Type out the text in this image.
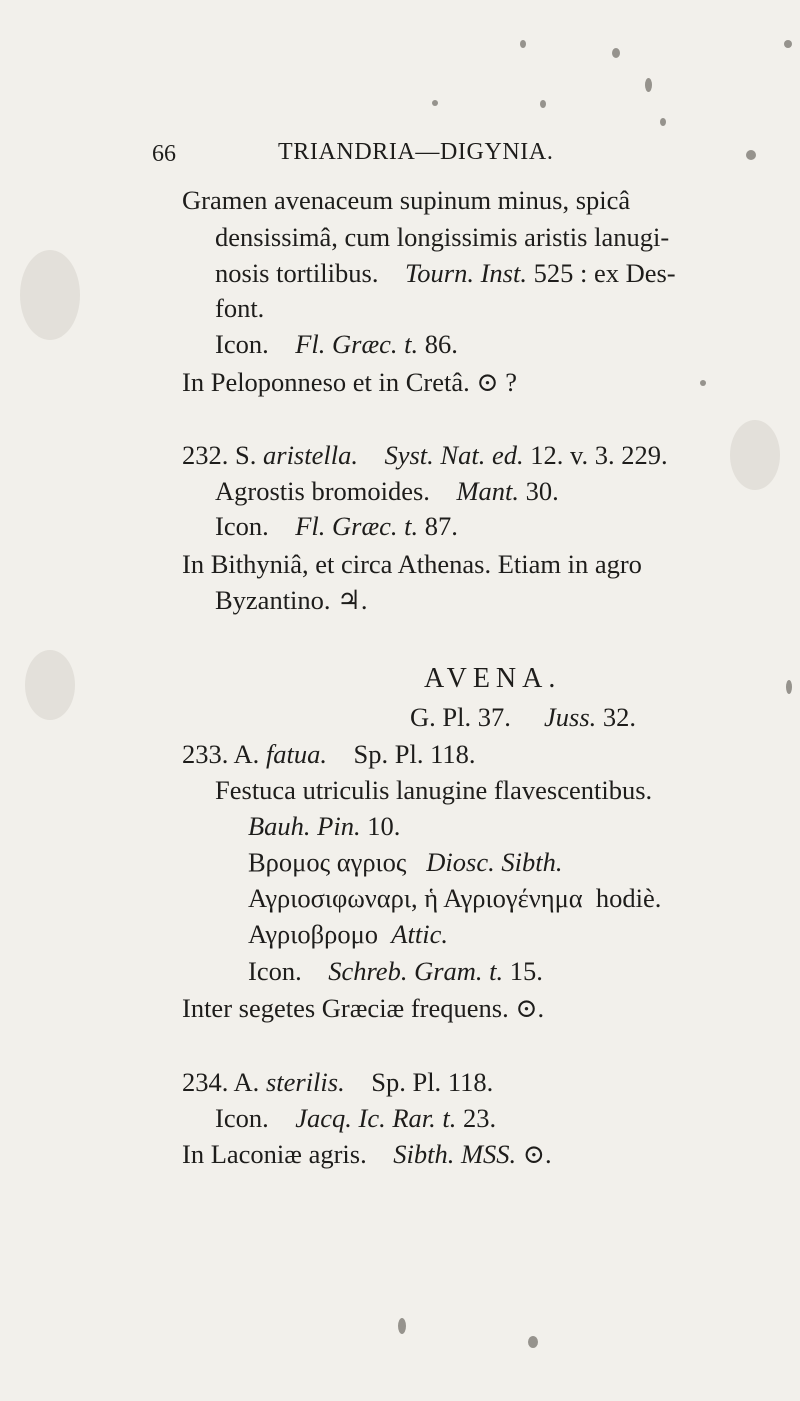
66	TRIANDRIA—DIGYNIA.
Gramen avenaceum supinum minus, spicâ
densissimâ, cum longissimis aristis lanugi-
nosis tortilibus. Tourn. Inst. 525 : ex Des-
font.
Icon. Fl. Græc. t. 86.
In Peloponneso et in Cretâ. ⊙ ?
232. S. aristella. Syst. Nat. ed. 12. v. 3. 229.
Agrostis bromoides. Mant. 30.
Icon. Fl. Græc. t. 87.
In Bithyniâ, et circa Athenas. Etiam in agro
Byzantino. ♃.
AVENA.
G. Pl. 37. Juss. 32.
233. A. fatua. Sp. Pl. 118.
Festuca utriculis lanugine flavescentibus.
Bauh. Pin. 10.
Βρομος αγριος Diosc. Sibth.
Αγριοσιφωναρι, ἡ Αγριογένημα hodiè.
Αγριοβρομο Attic.
Icon. Schreb. Gram. t. 15.
Inter segetes Græciæ frequens. ⊙.
234. A. sterilis. Sp. Pl. 118.
Icon. Jacq. Ic. Rar. t. 23.
In Laconiæ agris. Sibth. MSS. ⊙.
